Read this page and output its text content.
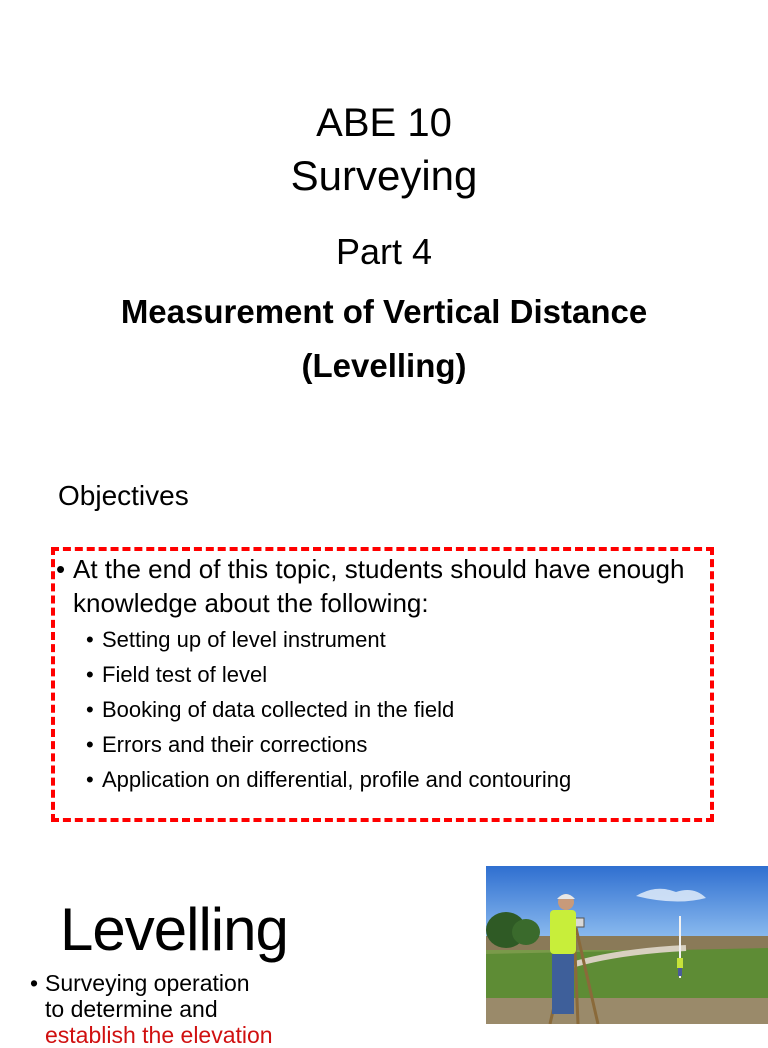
ABE 10
Surveying
Part 4
Measurement of Vertical Distance
(Levelling)
Objectives
• At the end of this topic, students should have enough knowledge about the following:
• Setting up of level instrument
• Field test of level
• Booking of data collected in the field
• Errors and their corrections
• Application on differential, profile and contouring
Levelling
• Surveying operation
to determine and
establish the elevation
